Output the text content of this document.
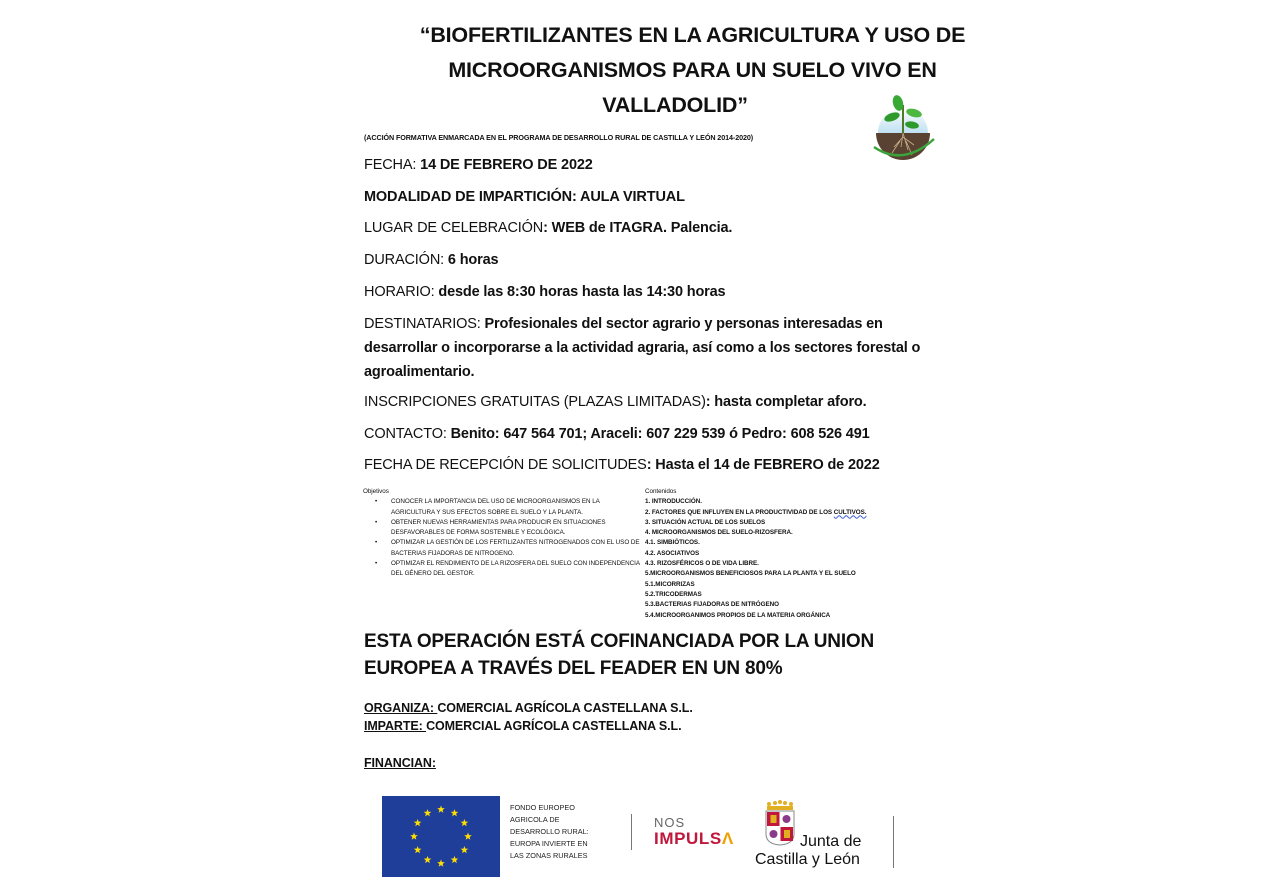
“BIOFERTILIZANTES EN LA AGRICULTURA Y USO DE
MICROORGANISMOS PARA UN SUELO VIVO EN
VALLADOLID”
(ACCIÓN FORMATIVA ENMARCADA EN EL PROGRAMA DE DESARROLLO RURAL DE CASTILLA Y LEÓN 2014-2020)
FECHA: 14 DE FEBRERO DE 2022
MODALIDAD DE IMPARTICIÓN: AULA VIRTUAL
LUGAR DE CELEBRACIÓN: WEB de ITAGRA. Palencia.
DURACIÓN: 6 horas
HORARIO: desde las 8:30 horas hasta las 14:30 horas
DESTINATARIOS: Profesionales del sector agrario y personas interesadas en desarrollar o incorporarse a la actividad agraria, así como a los sectores forestal o agroalimentario.
INSCRIPCIONES GRATUITAS (PLAZAS LIMITADAS): hasta completar aforo.
CONTACTO: Benito: 647 564 701; Araceli: 607 229 539 ó Pedro: 608 526 491
FECHA DE RECEPCIÓN DE SOLICITUDES: Hasta el 14 de FEBRERO de 2022
Objetivos
• CONOCER LA IMPORTANCIA DEL USO DE MICROORGANISMOS EN LA AGRICULTURA Y SUS EFECTOS SOBRE EL SUELO Y LA PLANTA.
• OBTENER NUEVAS HERRAMIENTAS PARA PRODUCIR EN SITUACIONES DESFAVORABLES DE FORMA SOSTENIBLE Y ECOLÓGICA.
• OPTIMIZAR LA GESTIÓN DE LOS FERTILIZANTES NITROGENADOS CON EL USO DE BACTERIAS FIJADORAS DE NITROGENO.
• OPTIMIZAR EL RENDIMIENTO DE LA RIZOSFERA DEL SUELO CON INDEPENDENCIA DEL GÉNERO DEL GESTOR.
Contenidos
1. INTRODUCCIÓN.
2. FACTORES QUE INFLUYEN EN LA PRODUCTIVIDAD DE LOS CULTIVOS.
3. SITUACIÓN ACTUAL DE LOS SUELOS
4. MICROORGANISMOS DEL SUELO-RIZOSFERA.
4.1. SIMBIÓTICOS.
4.2. ASOCIATIVOS
4.3. RIZOSFÉRICOS O DE VIDA LIBRE.
5.MICROORGANISMOS BENEFICIOSOS PARA LA PLANTA Y EL SUELO
5.1.MICORRIZAS
5.2.TRICODERMAS
5.3.BACTERIAS FIJADORAS DE NITRÓGENO
5.4.MICROORGANIMOS PROPIOS DE LA MATERIA ORGÁNICA
ESTA OPERACIÓN ESTÁ COFINANCIADA POR LA UNION
EUROPEA A TRAVÉS DEL FEADER EN UN 80%
ORGANIZA: COMERCIAL AGRÍCOLA CASTELLANA S.L.
IMPARTE: COMERCIAL AGRÍCOLA CASTELLANA S.L.
FINANCIAN:
FONDO EUROPEO
AGRICOLA DE
DESARROLLO RURAL:
EUROPA INVIERTE EN
LAS ZONAS RURALES
NOS
IMPULSΛ	Junta de
Castilla y León
